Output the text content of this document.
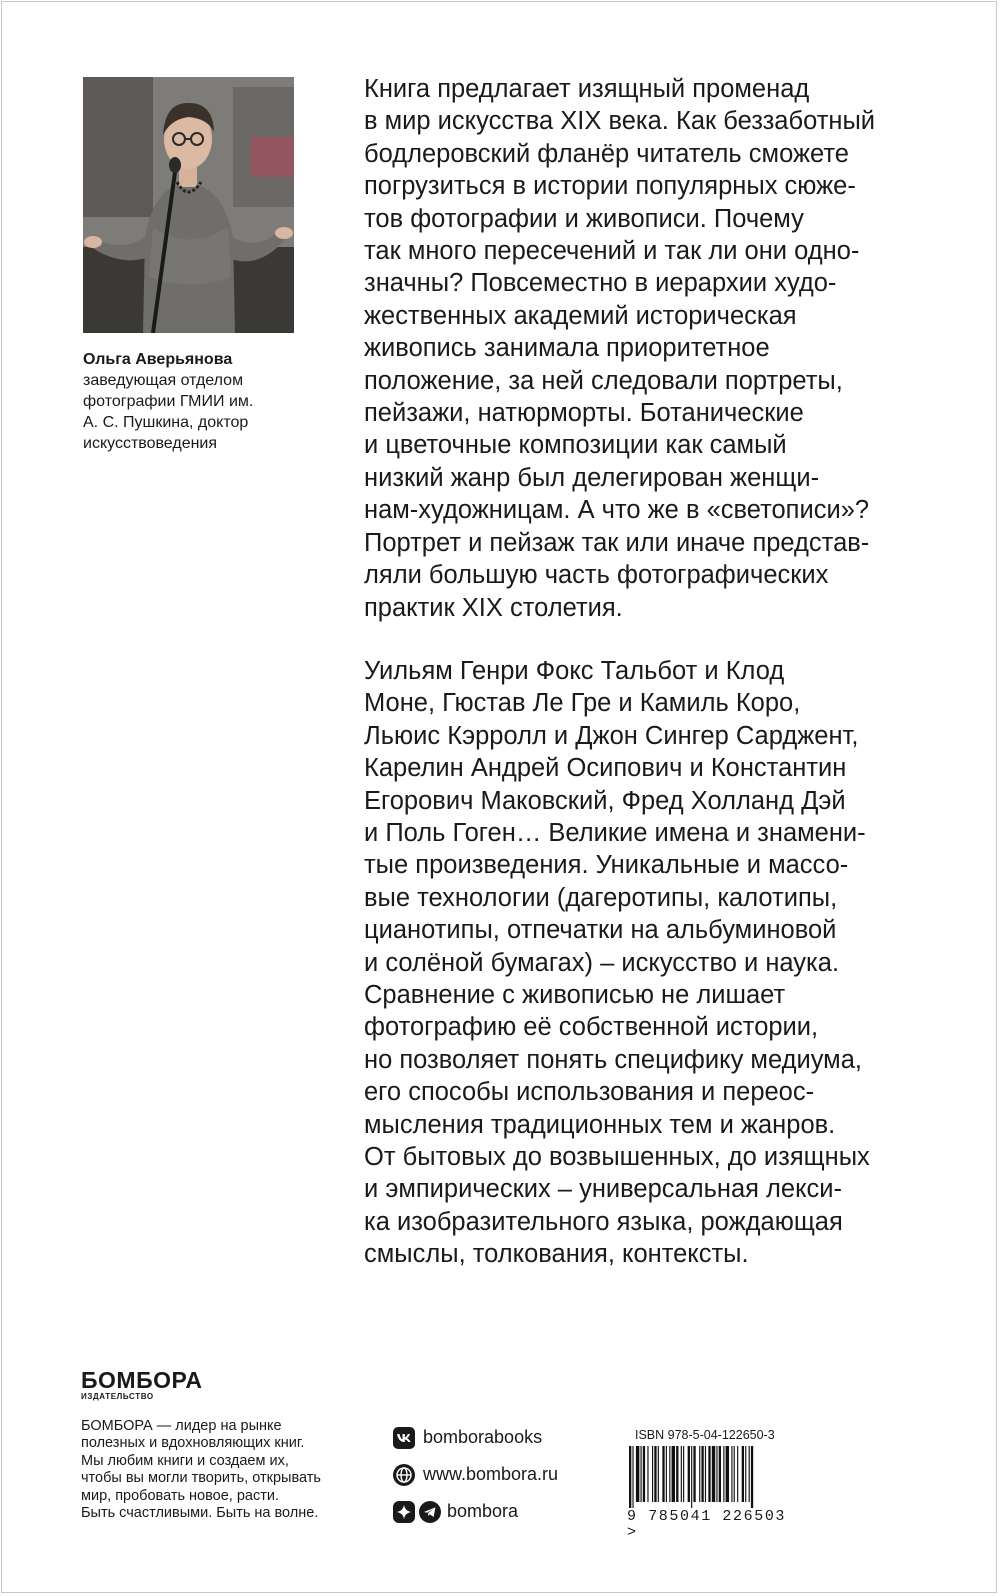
Ольга Аверьянова
заведующая отделом
фотографии ГМИИ им.
А. С. Пушкина, доктор
искусствоведения

Книга предлагает изящный променад
в мир искусства XIX века. Как беззаботный
бодлеровский фланёр читатель сможете
погрузиться в истории популярных сюже-
тов фотографии и живописи. Почему
так много пересечений и так ли они одно-
значны? Повсеместно в иерархии худо-
жественных академий историческая
живопись занимала приоритетное
положение, за ней следовали портреты,
пейзажи, натюрморты. Ботанические
и цветочные композиции как самый
низкий жанр был делегирован женщи-
нам-художницам. А что же в «светописи»?
Портрет и пейзаж так или иначе представ-
ляли большую часть фотографических
практик XIX столетия.

Уильям Генри Фокс Тальбот и Клод
Моне, Гюстав Ле Гре и Камиль Коро,
Льюис Кэрролл и Джон Сингер Сарджент,
Карелин Андрей Осипович и Константин
Егорович Маковский, Фред Холланд Дэй
и Поль Гоген… Великие имена и знамени-
тые произведения. Уникальные и массо-
вые технологии (дагеротипы, калотипы,
цианотипы, отпечатки на альбуминовой
и солёной бумагах) – искусство и наука.
Сравнение с живописью не лишает
фотографию её собственной истории,
но позволяет понять специфику медиума,
его способы использования и переос-
мысления традиционных тем и жанров.
От бытовых до возвышенных, до изящных
и эмпирических – универсальная лекси-
ка изобразительного языка, рождающая
смыслы, толкования, контексты.

БОМБОРА
ИЗДАТЕЛЬСТВО
БОМБОРА — лидер на рынке
полезных и вдохновляющих книг.
Мы любим книги и создаем их,
чтобы вы могли творить, открывать
мир, пробовать новое, расти.
Быть счастливыми. Быть на волне.
bomborabooks
www.bombora.ru
bombora
ISBN 978-5-04-122650-3
9 785041 226503 >
